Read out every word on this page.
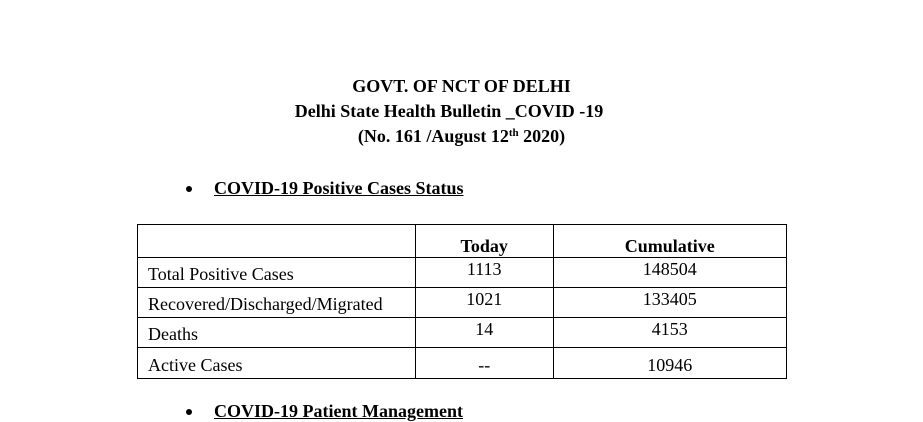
GOVT. OF NCT OF DELHI
Delhi State Health Bulletin _COVID -19
(No. 161 /August 12th 2020)
COVID-19 Positive Cases Status
	Today	Cumulative
Total Positive Cases	1113	148504
Recovered/Discharged/Migrated	1021	133405
Deaths	14	4153
Active Cases	--	10946
COVID-19 Patient Management
